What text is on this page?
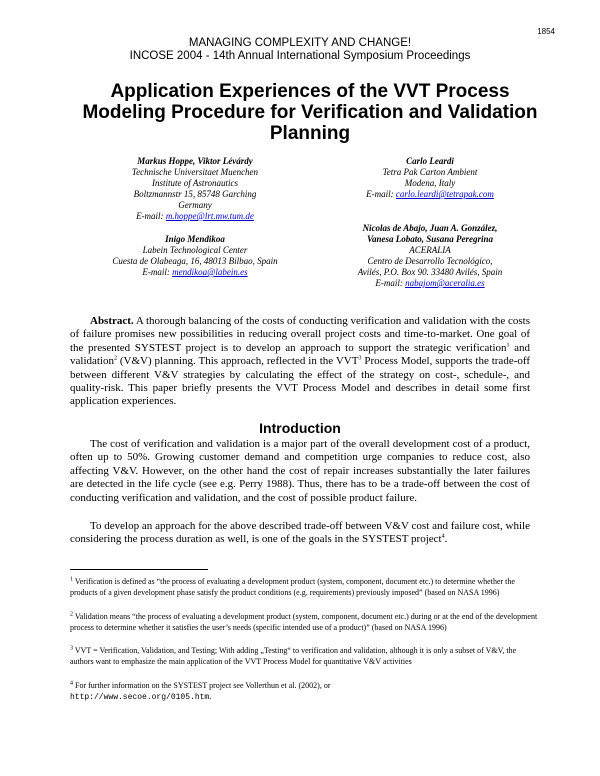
1854
MANAGING COMPLEXITY AND CHANGE!
INCOSE 2004 - 14th Annual International Symposium Proceedings
Application Experiences of the VVT Process
Modeling Procedure for Verification and Validation
Planning
Markus Hoppe, Viktor Lévárdy
Technische Universitaet Muenchen
Institute of Astronautics
Boltzmannstr 15, 85748 Garching
Germany
E-mail: m.hoppe@lrt.mw.tum.de
Inigo Mendikoa
Labein Technological Center
Cuesta de Olabeaga, 16, 48013 Bilbao, Spain
E-mail: mendikoa@labein.es
Carlo Leardi
Tetra Pak Carton Ambient
Modena, Italy
E-mail: carlo.leardi@tetrapak.com
Nicolas de Abajo, Juan A. González,
Vanesa Lobato, Susana Peregrina
ACERALIA
Centro de Desarrollo Tecnológico,
Avilés, P.O. Box 90. 33480 Avilés, Spain
E-mail: nabajom@aceralia.es
Abstract. A thorough balancing of the costs of conducting verification and validation with the costs of failure promises new possibilities in reducing overall project costs and time-to-market. One goal of the presented SYSTEST project is to develop an approach to support the strategic verification$^1$ and validation$^2$ (V&V) planning. This approach, reflected in the VVT$^3$ Process Model, supports the trade-off between different V&V strategies by calculating the effect of the strategy on cost-, schedule-, and quality-risk. This paper briefly presents the VVT Process Model and describes in detail some first application experiences.
Introduction
The cost of verification and validation is a major part of the overall development cost of a product, often up to 50%. Growing customer demand and competition urge companies to reduce cost, also affecting V&V. However, on the other hand the cost of repair increases substantially the later failures are detected in the life cycle (see e.g. Perry 1988). Thus, there has to be a trade-off between the cost of conducting verification and validation, and the cost of possible product failure.
To develop an approach for the above described trade-off between V&V cost and failure cost, while considering the process duration as well, is one of the goals in the SYSTEST project$^4$.
$^1$ Verification is defined as “the process of evaluating a development product (system, component, document etc.) to determine whether the products of a given development phase satisfy the product conditions (e.g. requirements) previously imposed” (based on NASA 1996)
$^2$ Validation means “the process of evaluating a development product (system, component, document etc.) during or at the end of the development process to determine whether it satisfies the user’s needs (specific intended use of a product)” (based on NASA 1996)
$^3$ VVT = Verification, Validation, and Testing; With adding „Testing“ to verification and validation, although it is only a subset of V&V, the authors want to emphasize the main application of the VVT Process Model for quantitative V&V activities
$^4$ For further information on the SYSTEST project see Vollerthun et al. (2002), or
http://www.secoe.org/0105.htm.
